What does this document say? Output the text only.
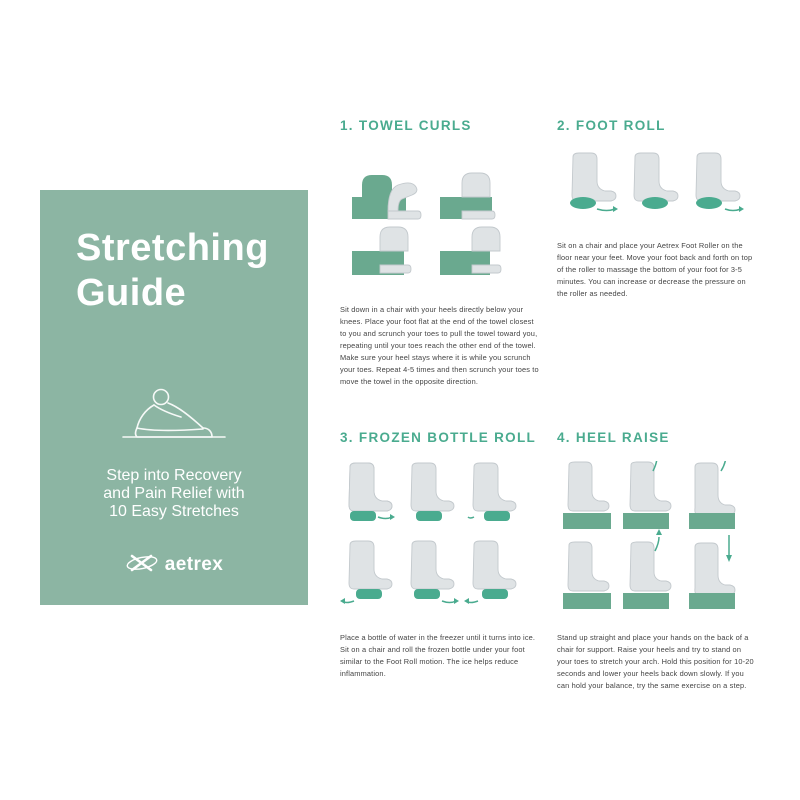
Stretching
Guide

Step into Recovery
and Pain Relief with
10 Easy Stretches

aetrex
1. TOWEL CURLS

Sit down in a chair with your heels directly below your knees. Place your foot flat at the end of the towel closest to you and scrunch your toes to pull the towel toward you, repeating until your toes reach the other end of the towel. Make sure your heel stays where it is while you scrunch your toes. Repeat 4-5 times and then scrunch your toes to move the towel in the opposite direction.

2. FOOT ROLL

Sit on a chair and place your Aetrex Foot Roller on the floor near your feet. Move your foot back and forth on top of the roller to massage the bottom of your foot for 3-5 minutes. You can increase or decrease the pressure on the roller as needed.

3. FROZEN BOTTLE ROLL

Place a bottle of water in the freezer until it turns into ice. Sit on a chair and roll the frozen bottle under your foot similar to the Foot Roll motion. The ice helps reduce inflammation.

4. HEEL RAISE

Stand up straight and place your hands on the back of a chair for support. Raise your heels and try to stand on your toes to stretch your arch. Hold this position for 10-20 seconds and lower your heels back down slowly. If you can hold your balance, try the same exercise on a step.
